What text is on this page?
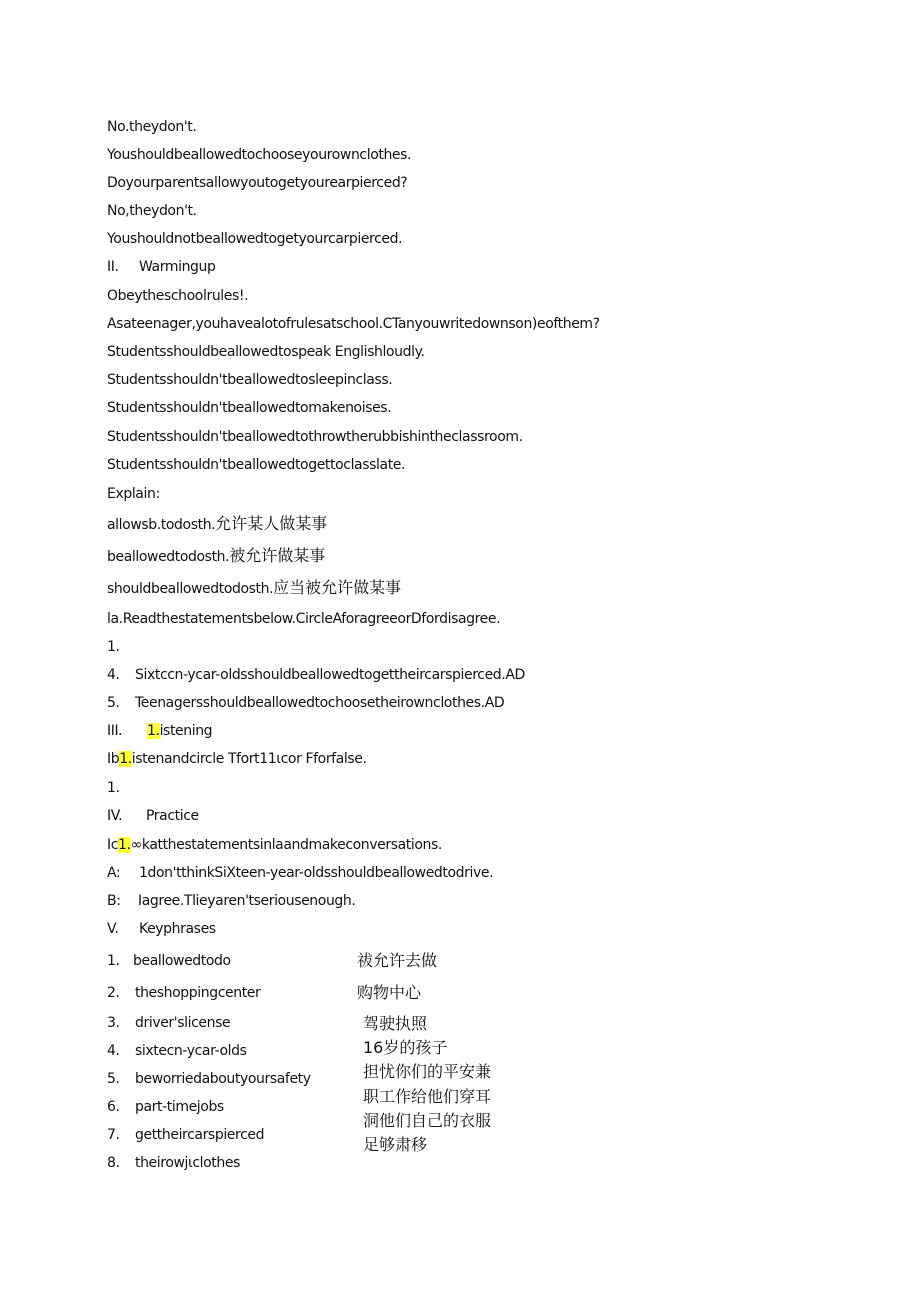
No.theydon't.
Youshouldbeallowedtochooseyourownclothes.
Doyourparentsallowyoutogetyourearpierced?
No,theydon't.
Youshouldnotbeallowedtogetyourcarpierced.
II. Warmingup
Obeytheschoolrules!.
Asateenager,youhavealotofrulesatschool.CTanyouwritedownson)eofthem?
Studentsshouldbeallowedtospeak Englishloudly.
Studentsshouldn'tbeallowedtosleepinclass.
Studentsshouldn'tbeallowedtomakenoises.
Studentsshouldn'tbeallowedtothrowtherubbishintheclassroom.
Studentsshouldn'tbeallowedtogettoclasslate.
Explain:
allowsb.todosth.允许某人做某事
beallowedtodosth.被允许做某事
shouldbeallowedtodosth.应当被允许做某事
la.Readthestatementsbelow.CircleAforagreeorDfordisagree.
1.
4. Sixtccn-ycar-oldsshouldbeallowedtogettheircarspierced.AD
5. Teenagersshouldbeallowedtochoosetheirownclothes.AD
III. 1.istening
Ib1.istenandcircle Tfort11ιcor Fforfalse.
1.
IV. Practice
Ic1.∞katthestatementsinlaandmakeconversations.
A: 1don'tthinkSiXteen-year-oldsshouldbeallowedtodrive.
B: Iagree.Tlieyaren'tseriousenough.
V. Keyphrases
1. beallowedtodo
2. theshoppingcenter
3. driver'slicense
4. sixtecn-ycar-olds
5. beworriedaboutyoursafety
6. part-timejobs
7. gettheircarspierced
8. theirowjιclothes
祓允许去做
购物中心
驾驶执照
16岁的孩子
担忧你们的平安兼
职工作给他们穿耳
洞他们自己的衣服
足够肃移
